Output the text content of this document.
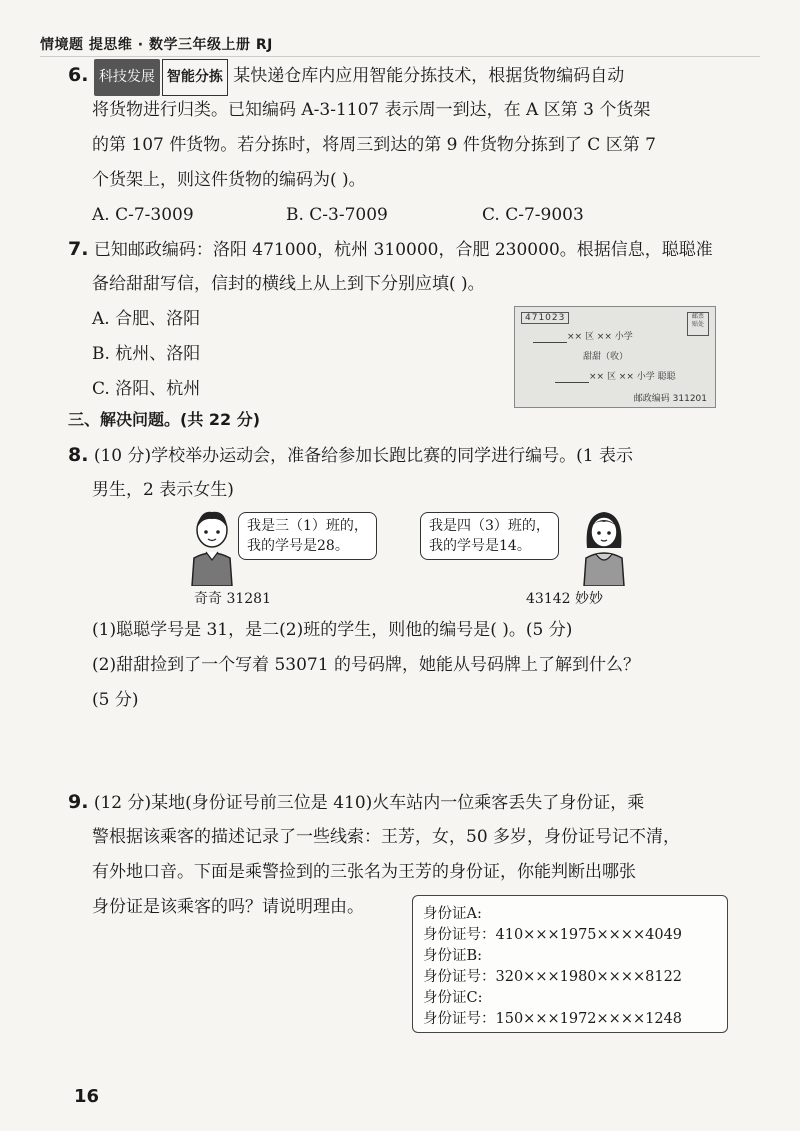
情境题 提思维 · 数学三年级上册 RJ
6. 科技发展 智能分拣 某快递仓库内应用智能分拣技术，根据货物编码自动
将货物进行归类。已知编码 A-3-1107 表示周一到达，在 A 区第 3 个货架
的第 107 件货物。若分拣时，将周三到达的第 9 件货物分拣到了 C 区第 7
个货架上，则这件货物的编码为( )。
A. C-7-3009	B. C-3-7009	C. C-7-9003
7. 已知邮政编码：洛阳 471000，杭州 310000，合肥 230000。根据信息，聪聪准
备给甜甜写信，信封的横线上从上到下分别应填( )。
A. 合肥、洛阳
B. 杭州、洛阳
C. 洛阳、杭州
471023	邮票
贴处
×× 区 ×× 小学
甜甜（收）
×× 区 ×× 小学 聪聪
邮政编码 311201
三、解决问题。(共 22 分)
8. (10 分)学校举办运动会，准备给参加长跑比赛的同学进行编号。(1 表示
男生，2 表示女生)
我是三（1）班的，
我的学号是28。
奇奇 31281
我是四（3）班的，
我的学号是14。
43142 妙妙
(1)聪聪学号是 31，是二(2)班的学生，则他的编号是( )。(5 分)
(2)甜甜捡到了一个写着 53071 的号码牌，她能从号码牌上了解到什么？
(5 分)
9. (12 分)某地(身份证号前三位是 410)火车站内一位乘客丢失了身份证，乘
警根据该乘客的描述记录了一些线索：王芳，女，50 多岁，身份证号记不清，
有外地口音。下面是乘警捡到的三张名为王芳的身份证，你能判断出哪张
身份证是该乘客的吗？请说明理由。	身份证A:
身份证号：410×××1975××××4049
身份证B:
身份证号：320×××1980××××8122
身份证C:
身份证号：150×××1972××××1248
16
